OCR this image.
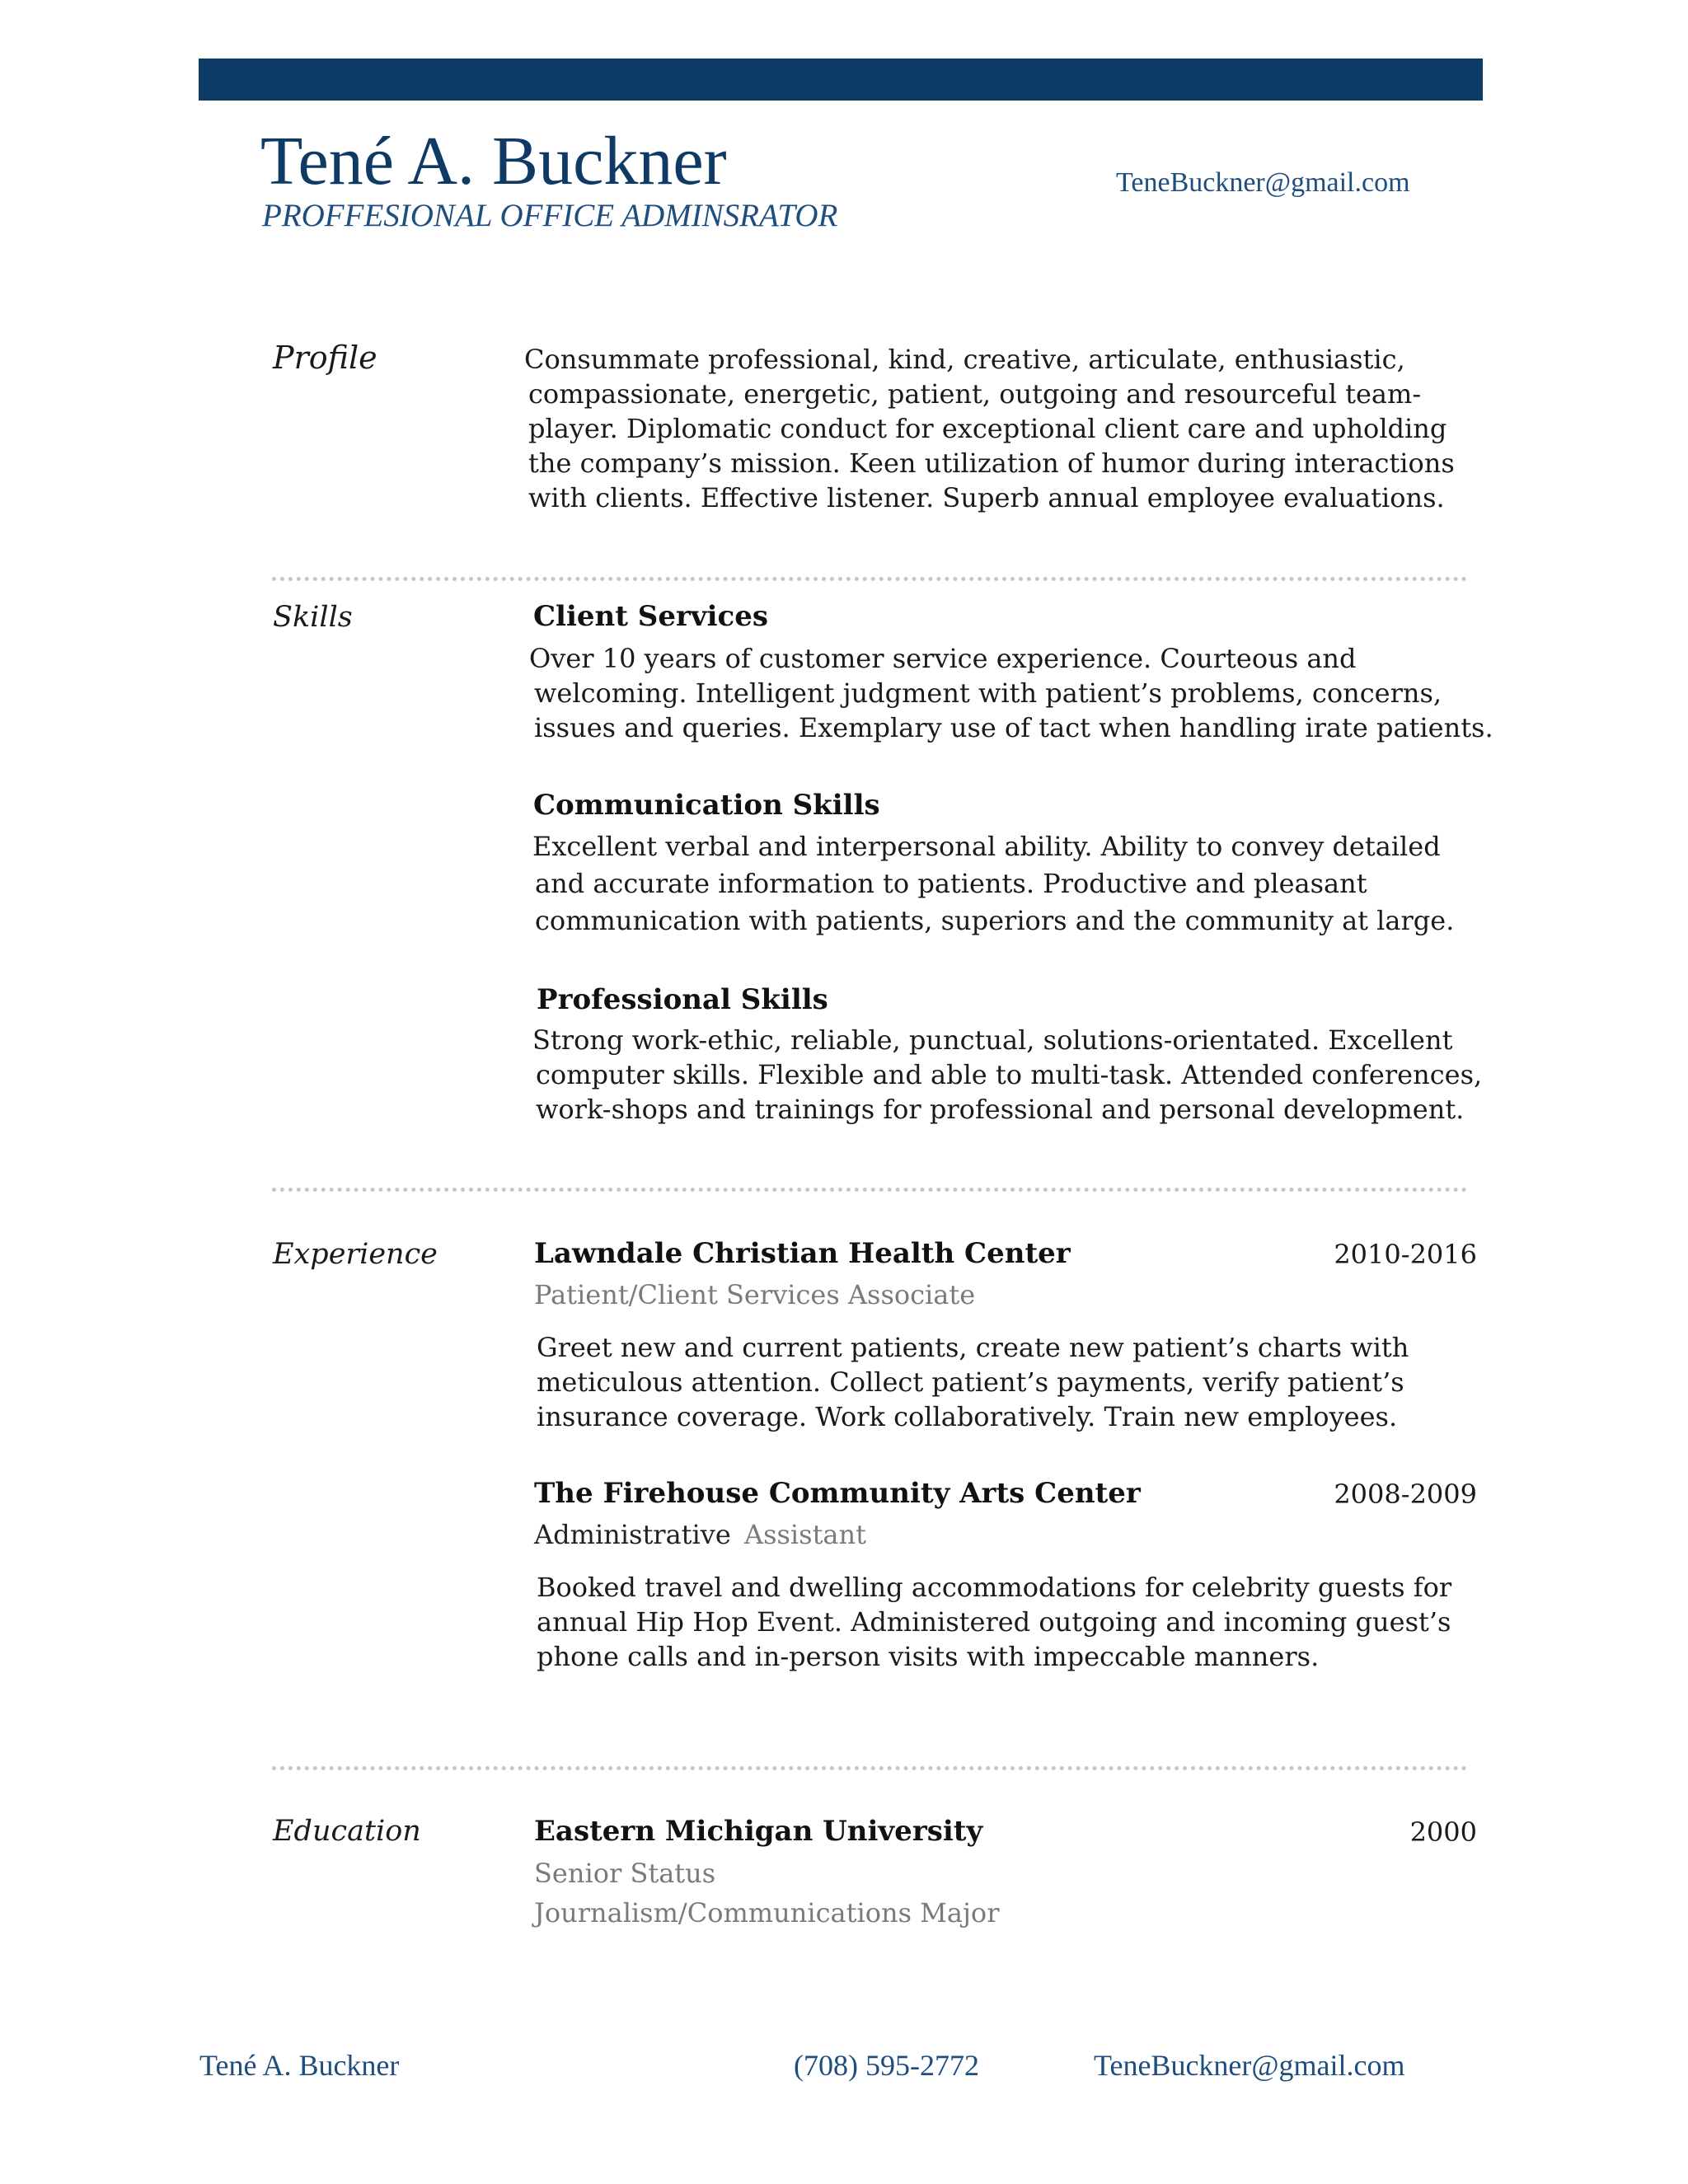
Tené A. Buckner
PROFFESIONAL OFFICE ADMINSRATOR
TeneBuckner@gmail.com
Profile	Consummate professional, kind, creative, articulate, enthusiastic,
compassionate, energetic, patient, outgoing and resourceful team-
player. Diplomatic conduct for exceptional client care and upholding
the company’s mission. Keen utilization of humor during interactions
with clients. Effective listener. Superb annual employee evaluations.
Skills	Client Services
Over 10 years of customer service experience. Courteous and
welcoming. Intelligent judgment with patient’s problems, concerns,
issues and queries. Exemplary use of tact when handling irate patients.
Communication Skills
Excellent verbal and interpersonal ability. Ability to convey detailed
and accurate information to patients. Productive and pleasant
communication with patients, superiors and the community at large.
Professional Skills
Strong work-ethic, reliable, punctual, solutions-orientated. Excellent
computer skills. Flexible and able to multi-task. Attended conferences,
work-shops and trainings for professional and personal development.
Experience	Lawndale Christian Health Center	2010-2016
Patient/Client Services Associate
Greet new and current patients, create new patient’s charts with
meticulous attention. Collect patient’s payments, verify patient’s
insurance coverage. Work collaboratively. Train new employees.
The Firehouse Community Arts Center	2008-2009
Administrative Assistant
Booked travel and dwelling accommodations for celebrity guests for
annual Hip Hop Event. Administered outgoing and incoming guest’s
phone calls and in-person visits with impeccable manners.
Education	Eastern Michigan University	2000
Senior Status
Journalism/Communications Major
Tené A. Buckner	(708) 595-2772	TeneBuckner@gmail.com
